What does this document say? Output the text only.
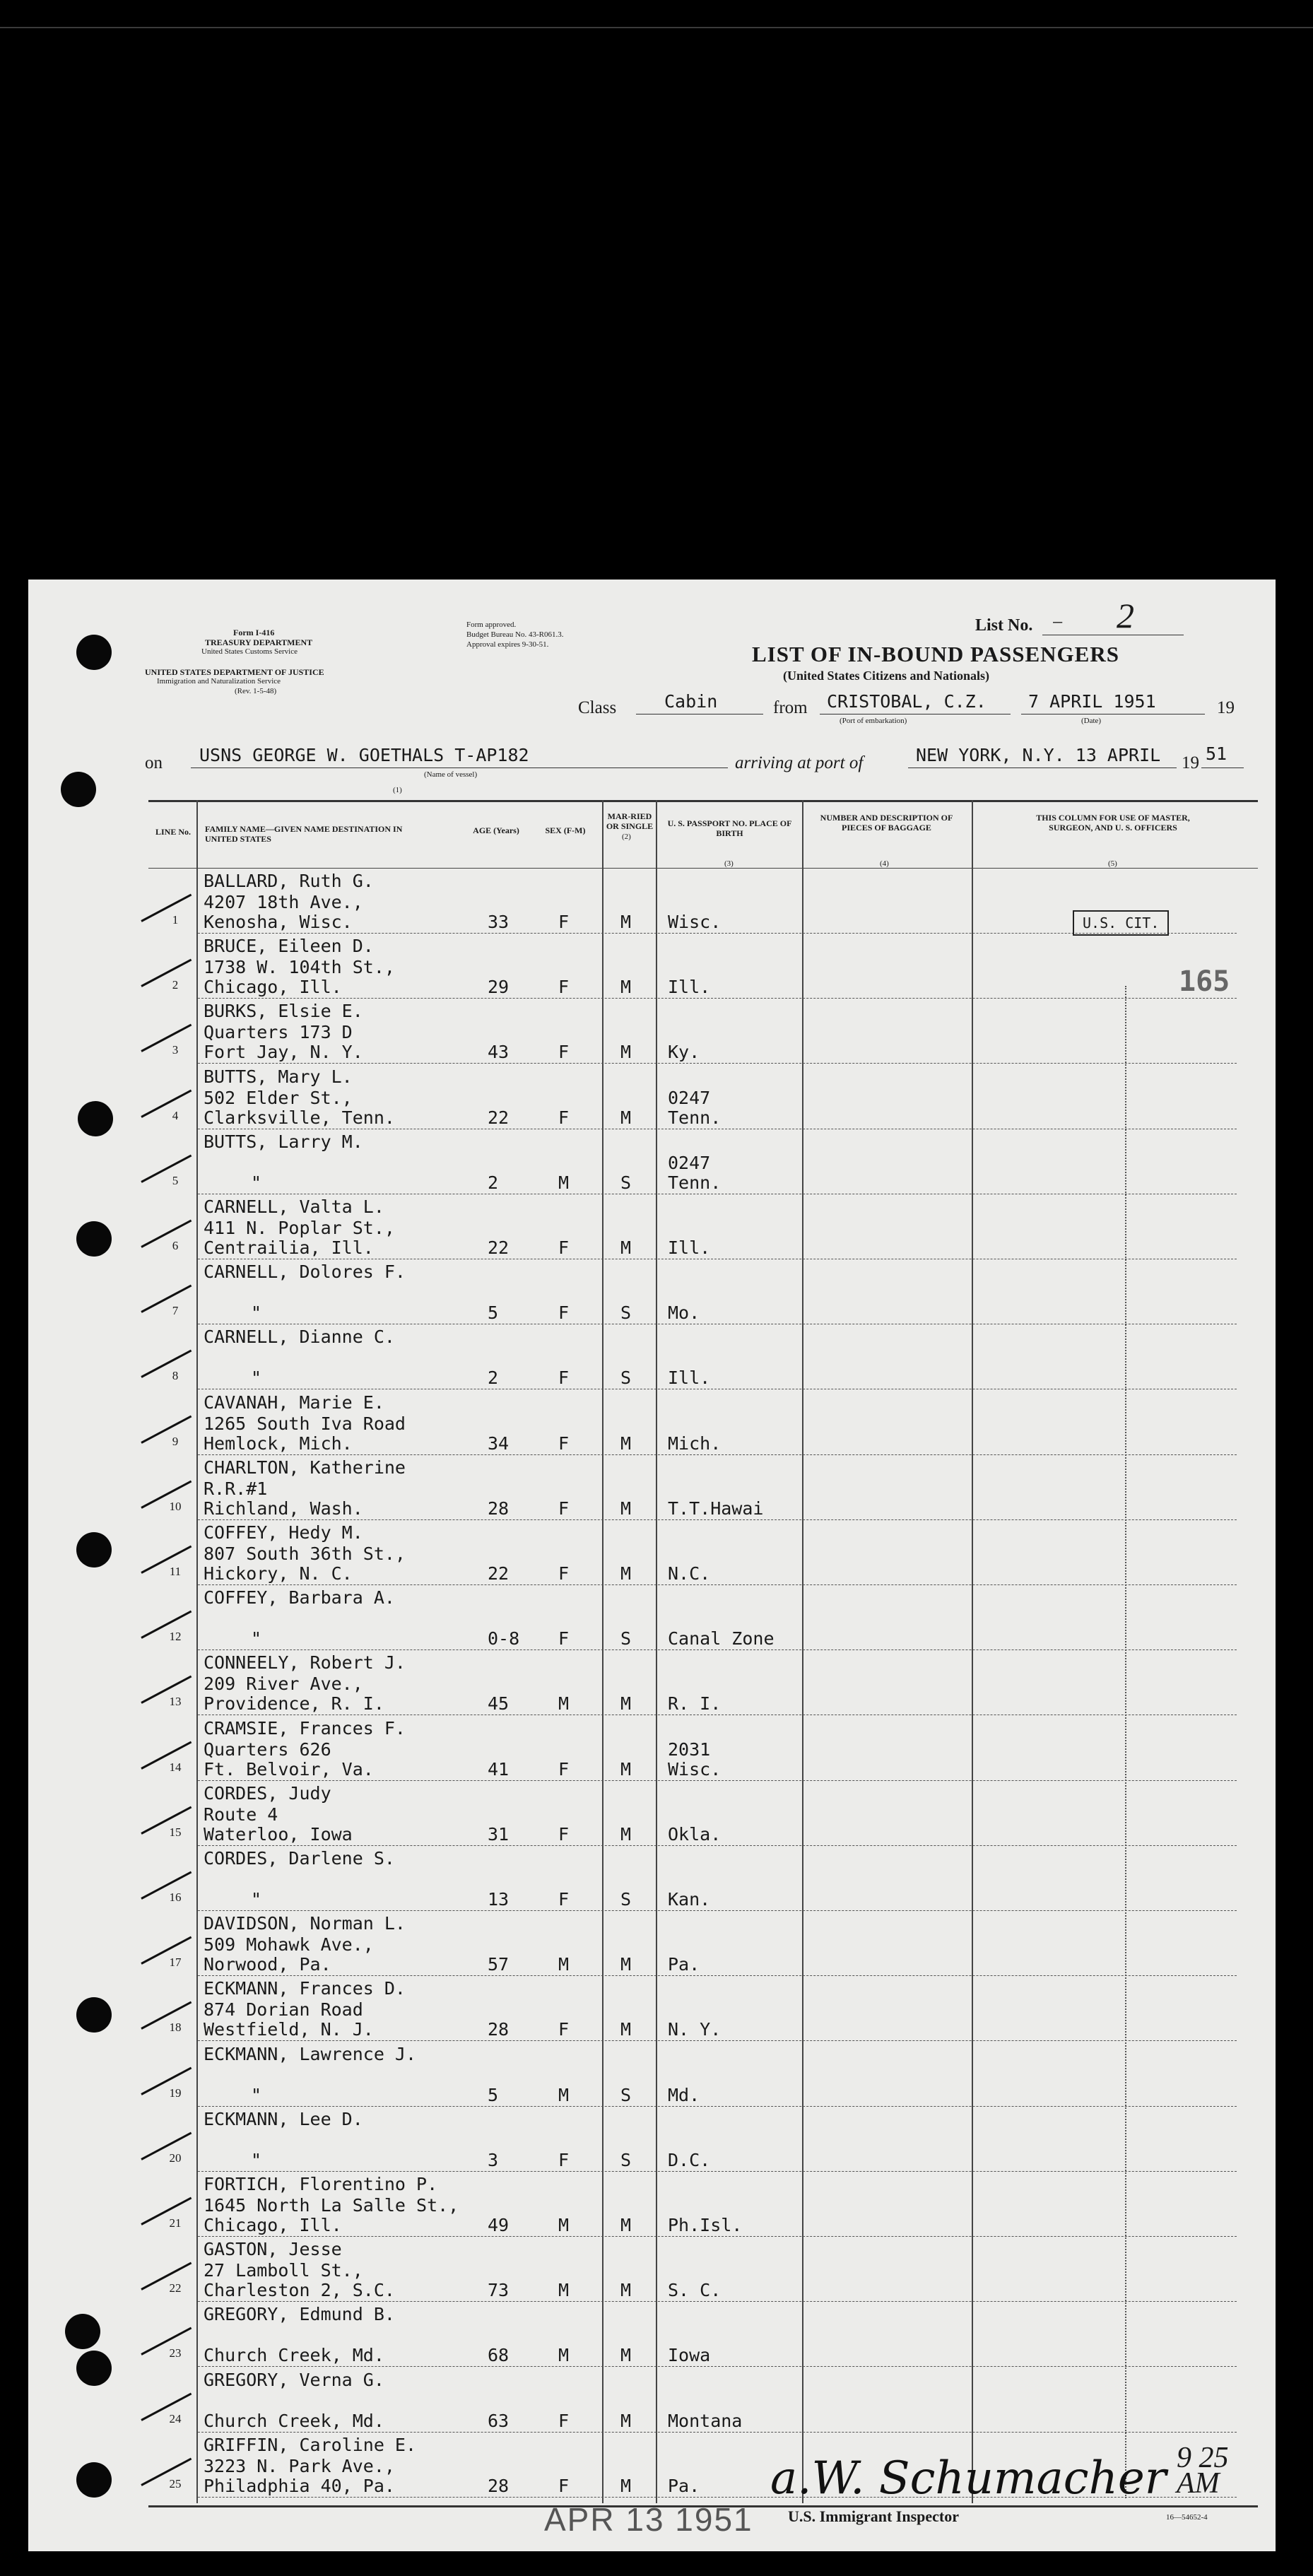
Form I-416
TREASURY DEPARTMENT
United States Customs Service
UNITED STATES DEPARTMENT OF JUSTICE
Immigration and Naturalization Service
(Rev. 1-5-48)
Form approved.
Budget Bureau No. 43-R061.3.
Approval expires 9-30-51.
List No. — 2
LIST OF IN-BOUND PASSENGERS
(United States Citizens and Nationals)
Class	Cabin	from CRISTOBAL, C.Z.
(Port of embarkation)
7 APRIL 1951	19
(Date)
on USNS GEORGE W. GOETHALS T-AP182
(Name of vessel)
(1)
arriving at port of	NEW YORK, N.Y. 13 APRIL 19 51
LINE No.	FAMILY NAME—GIVEN NAME DESTINATION IN UNITED STATES
AGE (Years)	SEX (F-M)
MAR-RIED OR SINGLE
(2)
U. S. PASSPORT NO. PLACE OF BIRTH
NUMBER AND DESCRIPTION OF PIECES OF BAGGAGE
THIS COLUMN FOR USE OF MASTER, SURGEON, AND U. S. OFFICERS
(3)	(4)	(5)
1
BALLARD, Ruth G.
4207 18th Ave.,
Kenosha, Wisc.	33	F	M Wisc.
2
BRUCE, Eileen D.
1738 W. 104th St.,
Chicago, Ill.	29	F	M Ill.
3
BURKS, Elsie E.
Quarters 173 D
Fort Jay, N. Y.	43	F	M Ky.
4
BUTTS, Mary L.
502 Elder St.,
Clarksville, Tenn.	22	F	M
0247
Tenn.
5
BUTTS, Larry M.
"	2	M	S
0247
Tenn.
6
CARNELL, Valta L.
411 N. Poplar St.,
Centrailia, Ill.	22	F	M Ill.
7
CARNELL, Dolores F.
"	5	F	S Mo.
8
CARNELL, Dianne C.
"	2	F	S Ill.
9
CAVANAH, Marie E.
1265 South Iva Road
Hemlock, Mich.	34	F	M Mich.
10
CHARLTON, Katherine
R.R.#1
Richland, Wash.	28	F	M T.T.Hawai
11
COFFEY, Hedy M.
807 South 36th St.,
Hickory, N. C.	22	F	M N.C.
12
COFFEY, Barbara A.
"	0-8 F	S Canal Zone
13
CONNEELY, Robert J.
209 River Ave.,
Providence, R. I.	45	M	M R. I.
14
CRAMSIE, Frances F.
Quarters 626
Ft. Belvoir, Va.	41	F	M
2031
Wisc.
15
CORDES, Judy
Route 4
Waterloo, Iowa	31	F	M Okla.
16
CORDES, Darlene S.
"	13	F	S Kan.
17
DAVIDSON, Norman L.
509 Mohawk Ave.,
Norwood, Pa.	57	M	M Pa.
18
ECKMANN, Frances D.
874 Dorian Road
Westfield, N. J.	28	F	M N. Y.
19
ECKMANN, Lawrence J.
"	5	M	S Md.
20
ECKMANN, Lee D.
"	3	F	S D.C.
21
FORTICH, Florentino P.
1645 North La Salle St.,
Chicago, Ill.	49	M	M Ph.Isl.
22
GASTON, Jesse
27 Lamboll St.,
Charleston 2, S.C.	73	M	M S. C.
23
GREGORY, Edmund B.
Church Creek, Md.	68	M	M Iowa
24
GREGORY, Verna G.
Church Creek, Md.	63	F	M Montana
25
GRIFFIN, Caroline E.
3223 N. Park Ave.,
Philadphia 40, Pa.	28	F	M Pa.
U.S. CIT.
165
APR 13 1951
a.W. Schumacher 9 25 AM
U.S. Immigrant Inspector	16—54652-4
